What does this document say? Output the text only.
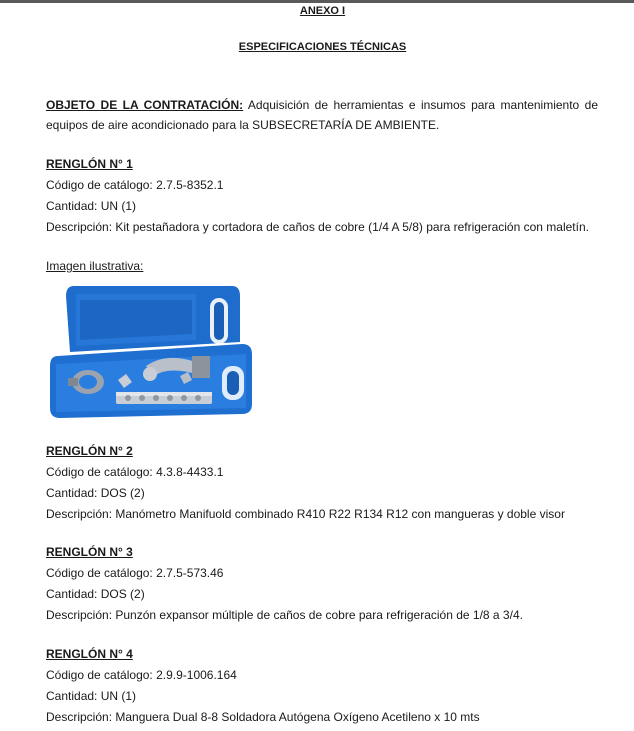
ANEXO I
ESPECIFICACIONES TÉCNICAS
OBJETO DE LA CONTRATACIÓN: Adquisición de herramientas e insumos para mantenimiento de equipos de aire acondicionado para la SUBSECRETARÍA DE AMBIENTE.
RENGLÓN N° 1
Código de catálogo: 2.7.5-8352.1
Cantidad: UN (1)
Descripción: Kit pestañadora y cortadora de caños de cobre (1/4 A 5/8) para refrigeración con maletín.
Imagen ilustrativa:
RENGLÓN N° 2
Código de catálogo: 4.3.8-4433.1
Cantidad: DOS (2)
Descripción: Manómetro Manifuold combinado R410 R22 R134 R12 con mangueras y doble visor
RENGLÓN N° 3
Código de catálogo: 2.7.5-573.46
Cantidad: DOS (2)
Descripción: Punzón expansor múltiple de caños de cobre para refrigeración de 1/8 a 3/4.
RENGLÓN N° 4
Código de catálogo: 2.9.9-1006.164
Cantidad: UN (1)
Descripción: Manguera Dual 8-8 Soldadora Autógena Oxígeno Acetileno x 10 mts
